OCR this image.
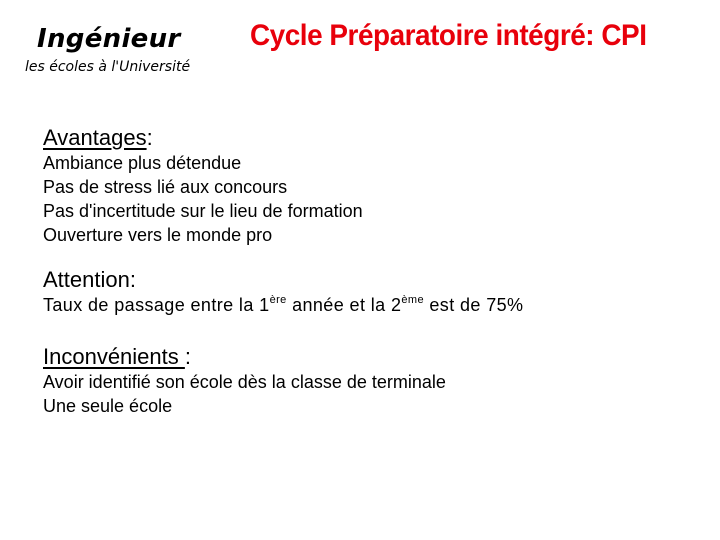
Ingénieur

les écoles à l'Université

Cycle Préparatoire intégré: CPI

Avantages:

Ambiance plus détendue

Pas de stress lié aux concours

Pas d'incertitude sur le lieu de formation

Ouverture vers le monde pro

Attention:

Taux de passage entre la 1ère année et la 2ème est de 75%

Inconvénients :

Avoir identifié son école dès la classe de terminale

Une seule école
